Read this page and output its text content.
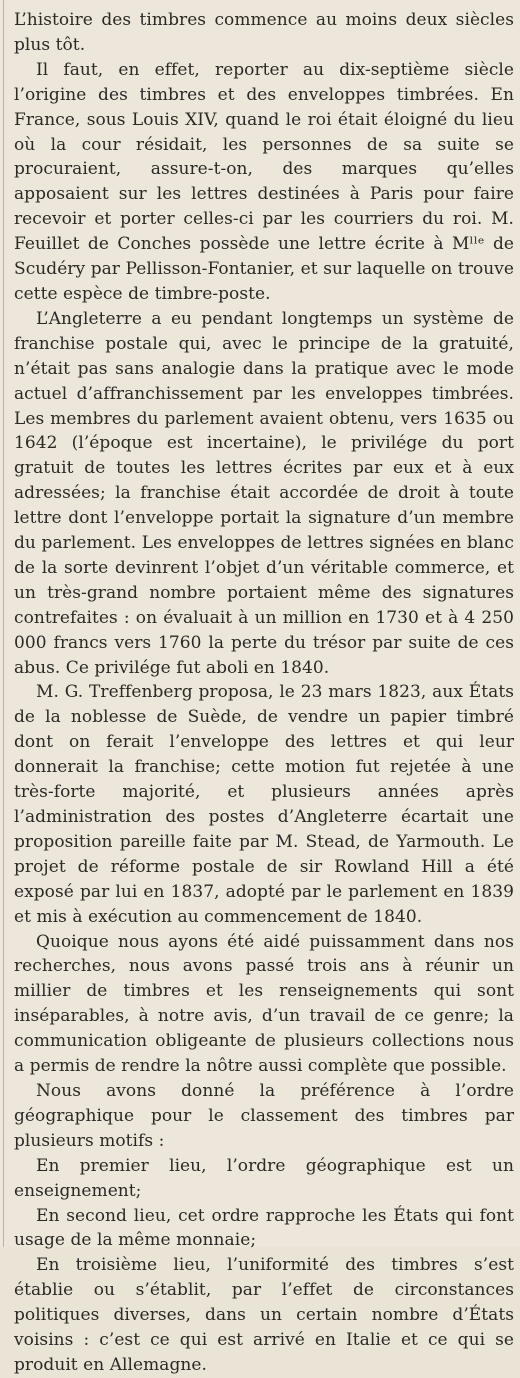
L’histoire des timbres commence au moins deux siècles plus tôt.

Il faut, en effet, reporter au dix-septième siècle l’origine des timbres et des enveloppes timbrées. En France, sous Louis XIV, quand le roi était éloigné du lieu où la cour résidait, les personnes de sa suite se procuraient, assure-t-on, des marques qu’elles apposaient sur les lettres destinées à Paris pour faire recevoir et porter celles-ci par les courriers du roi. M. Feuillet de Conches possède une lettre écrite à Mˡˡᵉ de Scudéry par Pellisson-Fontanier, et sur laquelle on trouve cette espèce de timbre-poste.

L’Angleterre a eu pendant longtemps un système de franchise postale qui, avec le principe de la gratuité, n’était pas sans analogie dans la pratique avec le mode actuel d’affranchissement par les enveloppes timbrées. Les membres du parlement avaient obtenu, vers 1635 ou 1642 (l’époque est incertaine), le privilége du port gratuit de toutes les lettres écrites par eux et à eux adressées; la franchise était accordée de droit à toute lettre dont l’enveloppe portait la signature d’un membre du parlement. Les enveloppes de lettres signées en blanc de la sorte devinrent l’objet d’un véritable commerce, et un très-grand nombre portaient même des signatures contrefaites : on évaluait à un million en 1730 et à 4 250 000 francs vers 1760 la perte du trésor par suite de ces abus. Ce privilége fut aboli en 1840.

M. G. Treffenberg proposa, le 23 mars 1823, aux États de la noblesse de Suède, de vendre un papier timbré dont on ferait l’enveloppe des lettres et qui leur donnerait la franchise; cette motion fut rejetée à une très-forte majorité, et plusieurs années après l’administration des postes d’Angleterre écartait une proposition pareille faite par M. Stead, de Yarmouth. Le projet de réforme postale de sir Rowland Hill a été exposé par lui en 1837, adopté par le parlement en 1839 et mis à exécution au commencement de 1840.

Quoique nous ayons été aidé puissamment dans nos recherches, nous avons passé trois ans à réunir un millier de timbres et les renseignements qui sont inséparables, à notre avis, d’un travail de ce genre; la communication obligeante de plusieurs collections nous a permis de rendre la nôtre aussi complète que possible.

Nous avons donné la préférence à l’ordre géographique pour le classement des timbres par plusieurs motifs :

En premier lieu, l’ordre géographique est un enseignement;

En second lieu, cet ordre rapproche les États qui font usage de la même monnaie;

En troisième lieu, l’uniformité des timbres s’est établie ou s’établit, par l’effet de circonstances politiques diverses, dans un certain nombre d’États voisins : c’est ce qui est arrivé en Italie et ce qui se produit en Allemagne.
